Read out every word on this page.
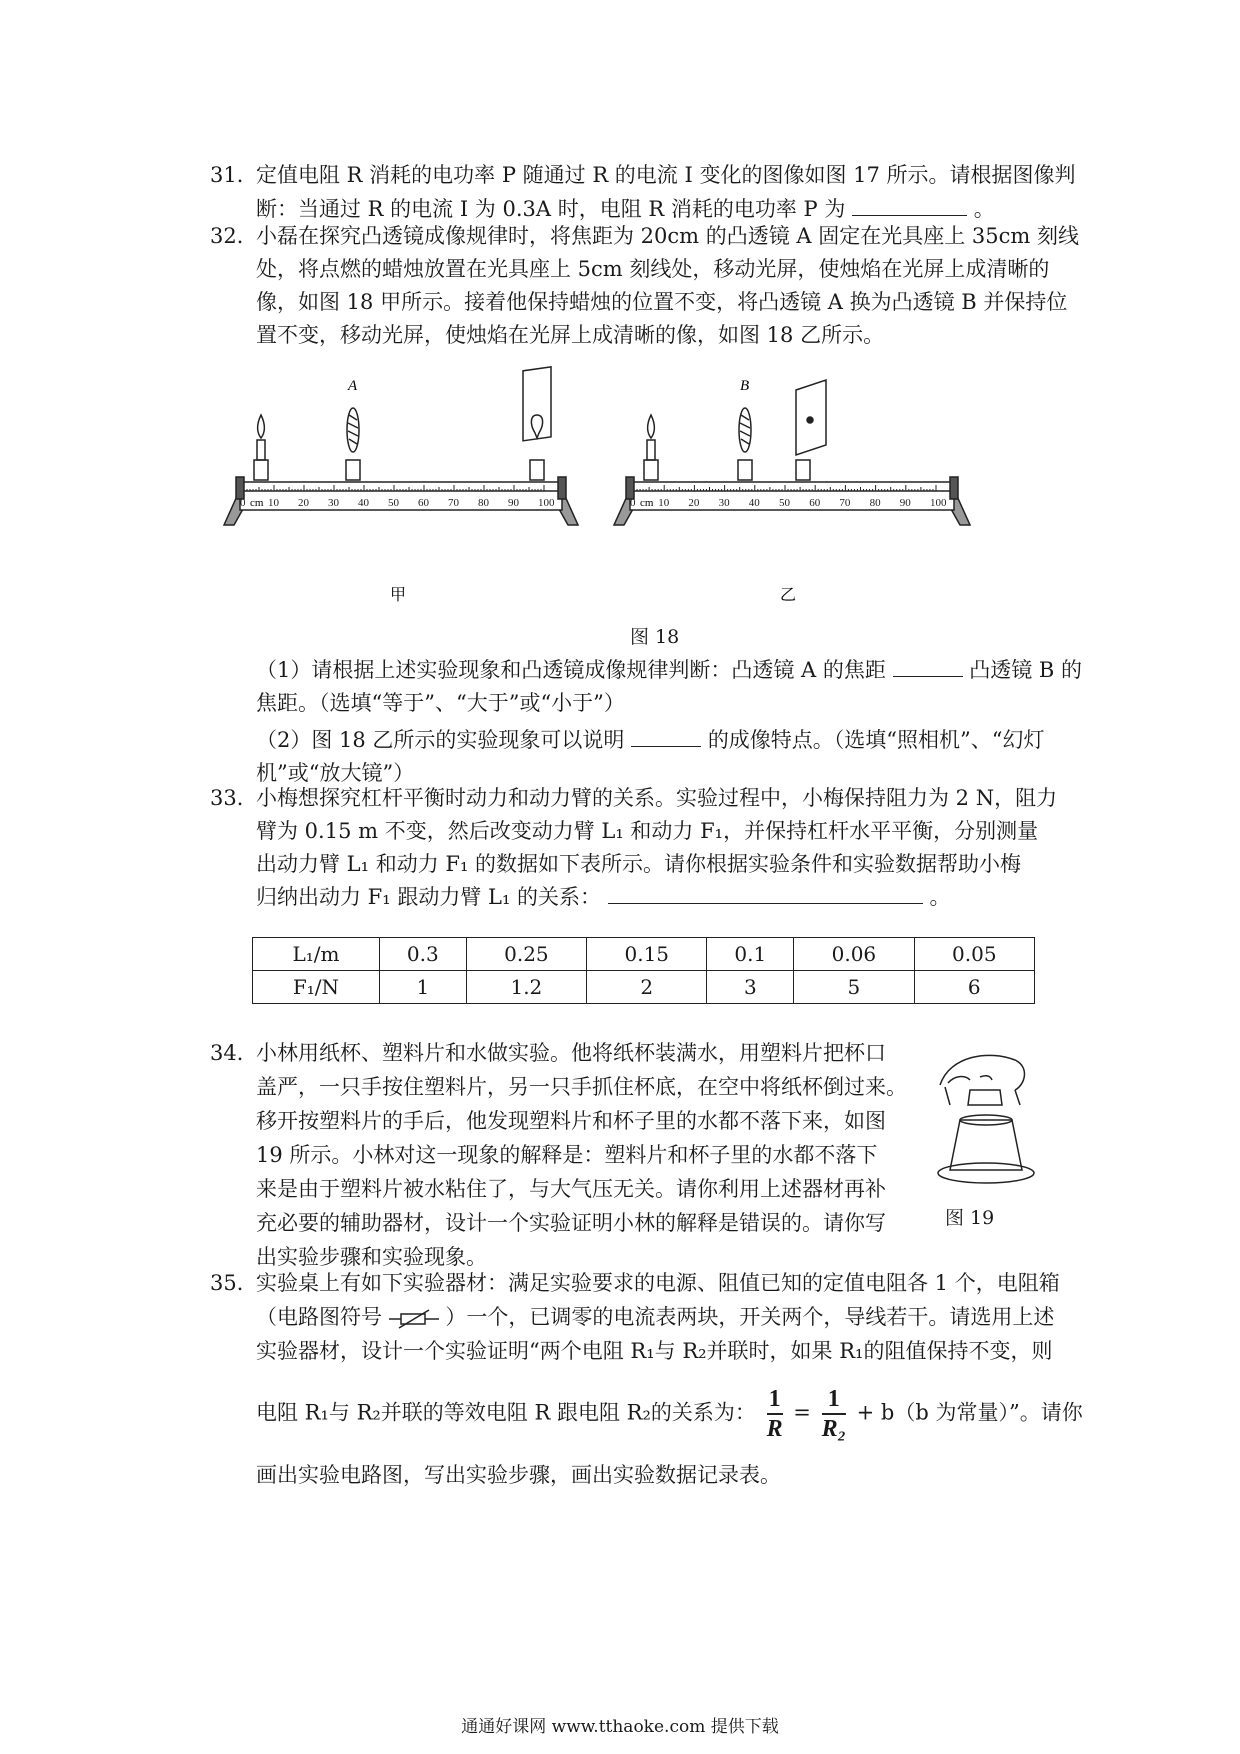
31．
定值电阻 R 消耗的电功率 P 随通过 R 的电流 I 变化的图像如图 17 所示。请根据图像判
断：当通过 R 的电流 I 为 0.3A 时，电阻 R 消耗的电功率 P 为	。
32．
小磊在探究凸透镜成像规律时，将焦距为 20cm 的凸透镜 A 固定在光具座上 35cm 刻线
处，将点燃的蜡烛放置在光具座上 5cm 刻线处，移动光屏，使烛焰在光屏上成清晰的
像，如图 18 甲所示。接着他保持蜡烛的位置不变，将凸透镜 A 换为凸透镜 B 并保持位
置不变，移动光屏，使烛焰在光屏上成清晰的像，如图 18 乙所示。
A	B
cm	cm
10 20 30 40 50 60 70 80 90 100
0	10 20 30 40 50 60 70 80 90 100
0
甲	乙
图 18
（1）请根据上述实验现象和凸透镜成像规律判断：凸透镜 A 的焦距	凸透镜 B 的
焦距。（选填“等于”、“大于”或“小于”）
（2）图 18 乙所示的实验现象可以说明	的成像特点。（选填“照相机”、“幻灯
机”或“放大镜”）
33．
小梅想探究杠杆平衡时动力和动力臂的关系。实验过程中，小梅保持阻力为 2 N，阻力
臂为 0.15 m 不变，然后改变动力臂 L₁ 和动力 F₁，并保持杠杆水平平衡，分别测量
出动力臂 L₁ 和动力 F₁ 的数据如下表所示。请你根据实验条件和实验数据帮助小梅
归纳出动力 F₁ 跟动力臂 L₁ 的关系：	。
L₁/m	0.3	0.25	0.15	0.1	0.06	0.05
F₁/N	1	1.2	2	3	5	6
34．
小林用纸杯、塑料片和水做实验。他将纸杯装满水，用塑料片把杯口
盖严，一只手按住塑料片，另一只手抓住杯底，在空中将纸杯倒过来。
移开按塑料片的手后，他发现塑料片和杯子里的水都不落下来，如图
19 所示。小林对这一现象的解释是：塑料片和杯子里的水都不落下
来是由于塑料片被水粘住了，与大气压无关。请你利用上述器材再补
充必要的辅助器材，设计一个实验证明小林的解释是错误的。请你写
出实验步骤和实验现象。
图 19
35．
实验桌上有如下实验器材：满足实验要求的电源、阻值已知的定值电阻各 1 个，电阻箱
（电路图符号	）一个，已调零的电流表两块，开关两个，导线若干。请选用上述
实验器材，设计一个实验证明“两个电阻 R₁与 R₂并联时，如果 R₁的阻值保持不变，则
电阻 R₁与 R₂并联的等效电阻 R 跟电阻 R₂的关系为： $\frac{1}{R} = \frac{1}{\text{R₂}} + b(b$ 为常量）”。请你
画出实验电路图，写出实验步骤，画出实验数据记录表。
通通好课网 www.tthaoke.com 提供下载
